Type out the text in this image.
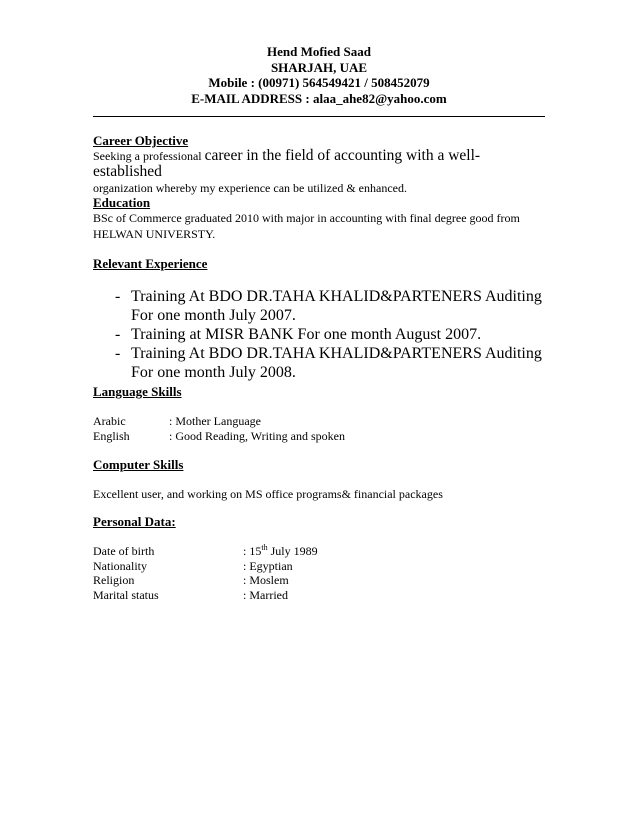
Hend Mofied Saad
SHARJAH, UAE
Mobile : (00971) 564549421 / 508452079
E-MAIL ADDRESS : alaa_ahe82@yahoo.com
Career Objective
Seeking a professional career in the field of accounting with a well-established
organization whereby my experience can be utilized & enhanced.
Education
BSc of Commerce graduated 2010 with major in accounting with final degree good from HELWAN UNIVERSTY.
Relevant Experience
- Training At BDO DR.TAHA KHALID&PARTENERS Auditing For one month July 2007.
- Training at MISR BANK For one month August 2007.
- Training At BDO DR.TAHA KHALID&PARTENERS Auditing For one month July 2008.
Language Skills
Arabic	: Mother Language
English	: Good Reading, Writing and spoken
Computer Skills
Excellent user, and working on MS office programs& financial packages
Personal Data:
Date of birth	: 15th July 1989
Nationality	: Egyptian
Religion	: Moslem
Marital status	: Married
